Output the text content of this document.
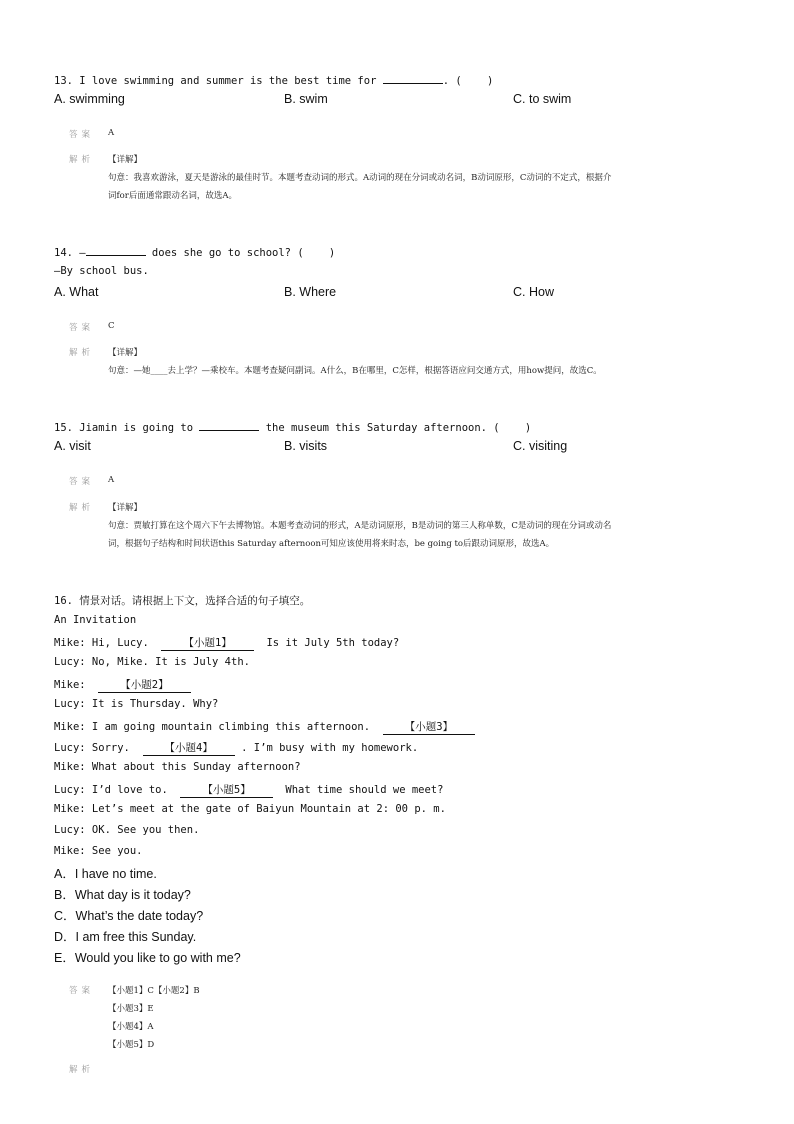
13. I love swimming and summer is the best time for	. (    )
A. swimming	B. swim	C. to swim
答案 A
解析 【详解】
句意：我喜欢游泳，夏天是游泳的最佳时节。本题考查动词的形式。A动词的现在分词或动名词，B动词原形，C动词的不定式，根据介
词for后面通常跟动名词，故选A。
14. —	does she go to school? (    )
—By school bus.
A. What	B. Where	C. How
答案 C
解析 【详解】
句意：—她____去上学？—乘校车。本题考查疑问副词。A什么，B在哪里，C怎样，根据答语应问交通方式，用how提问，故选C。
15. Jiamin is going to	the museum this Saturday afternoon. (    )
A. visit	B. visits	C. visiting
答案 A
解析 【详解】
句意：贾敏打算在这个周六下午去博物馆。本题考查动词的形式，A是动词原形，B是动词的第三人称单数，C是动词的现在分词或动名
词，根据句子结构和时间状语this Saturday afternoon可知应该使用将来时态，be going to后跟动词原形，故选A。
16. 情景对话。请根据上下文，选择合适的句子填空。
An Invitation
Mike: Hi, Lucy.  【小题1】  Is it July 5th today?
Lucy: No, Mike. It is July 4th.
Mike:  【小题2】
Lucy: It is Thursday. Why?
Mike: I am going mountain climbing this afternoon.  【小题3】
Lucy: Sorry.  【小题4】 . I’m busy with my homework.
Mike: What about this Sunday afternoon?
Lucy: I’d love to.  【小题5】  What time should we meet?
Mike: Let’s meet at the gate of Baiyun Mountain at 2: 00 p. m.
Lucy: OK. See you then.
Mike: See you.
A．I have no time.
B．What day is it today?
C．What’s the date today?
D．I am free this Sunday.
E．Would you like to go with me?
答案 【小题1】C【小题2】B
【小题3】E
【小题4】A
【小题5】D
解析
